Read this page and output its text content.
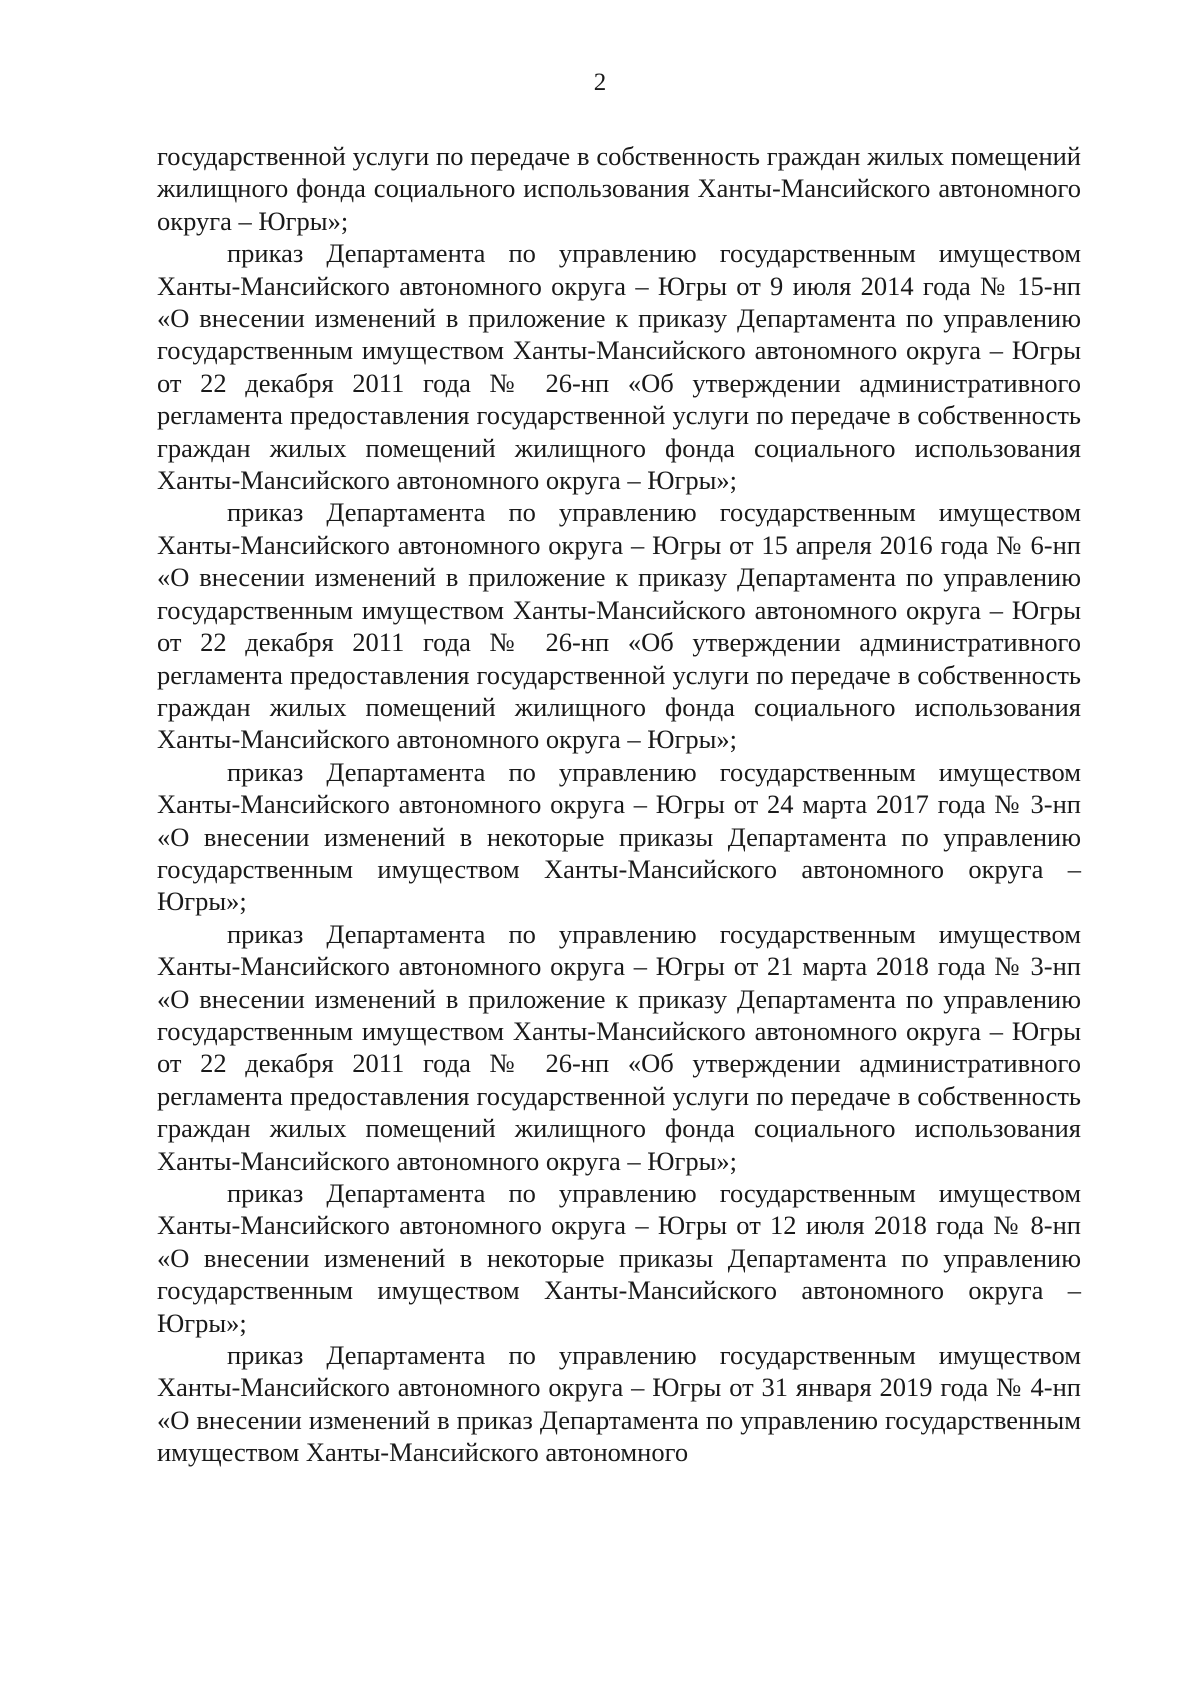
2

государственной услуги по передаче в собственность граждан жилых помещений жилищного фонда социального использования Ханты-Мансийского автономного округа – Югры»;

приказ Департамента по управлению государственным имуществом Ханты-Мансийского автономного округа – Югры от 9 июля 2014 года № 15-нп «О внесении изменений в приложение к приказу Департамента по управлению государственным имуществом Ханты-Мансийского автономного округа – Югры от 22 декабря 2011 года № 26-нп «Об утверждении административного регламента предоставления государственной услуги по передаче в собственность граждан жилых помещений жилищного фонда социального использования Ханты-Мансийского автономного округа – Югры»;

приказ Департамента по управлению государственным имуществом Ханты-Мансийского автономного округа – Югры от 15 апреля 2016 года № 6-нп «О внесении изменений в приложение к приказу Департамента по управлению государственным имуществом Ханты-Мансийского автономного округа – Югры от 22 декабря 2011 года № 26-нп «Об утверждении административного регламента предоставления государственной услуги по передаче в собственность граждан жилых помещений жилищного фонда социального использования Ханты-Мансийского автономного округа – Югры»;

приказ Департамента по управлению государственным имуществом Ханты-Мансийского автономного округа – Югры от 24 марта 2017 года № 3-нп «О внесении изменений в некоторые приказы Департамента по управлению государственным имуществом Ханты-Мансийского автономного округа – Югры»;

приказ Департамента по управлению государственным имуществом Ханты-Мансийского автономного округа – Югры от 21 марта 2018 года № 3-нп «О внесении изменений в приложение к приказу Департамента по управлению государственным имуществом Ханты-Мансийского автономного округа – Югры от 22 декабря 2011 года № 26-нп «Об утверждении административного регламента предоставления государственной услуги по передаче в собственность граждан жилых помещений жилищного фонда социального использования Ханты-Мансийского автономного округа – Югры»;

приказ Департамента по управлению государственным имуществом Ханты-Мансийского автономного округа – Югры от 12 июля 2018 года № 8-нп «О внесении изменений в некоторые приказы Департамента по управлению государственным имуществом Ханты-Мансийского автономного округа – Югры»;

приказ Департамента по управлению государственным имуществом Ханты-Мансийского автономного округа – Югры от 31 января 2019 года № 4-нп «О внесении изменений в приказ Департамента по управлению государственным имуществом Ханты-Мансийского автономного
